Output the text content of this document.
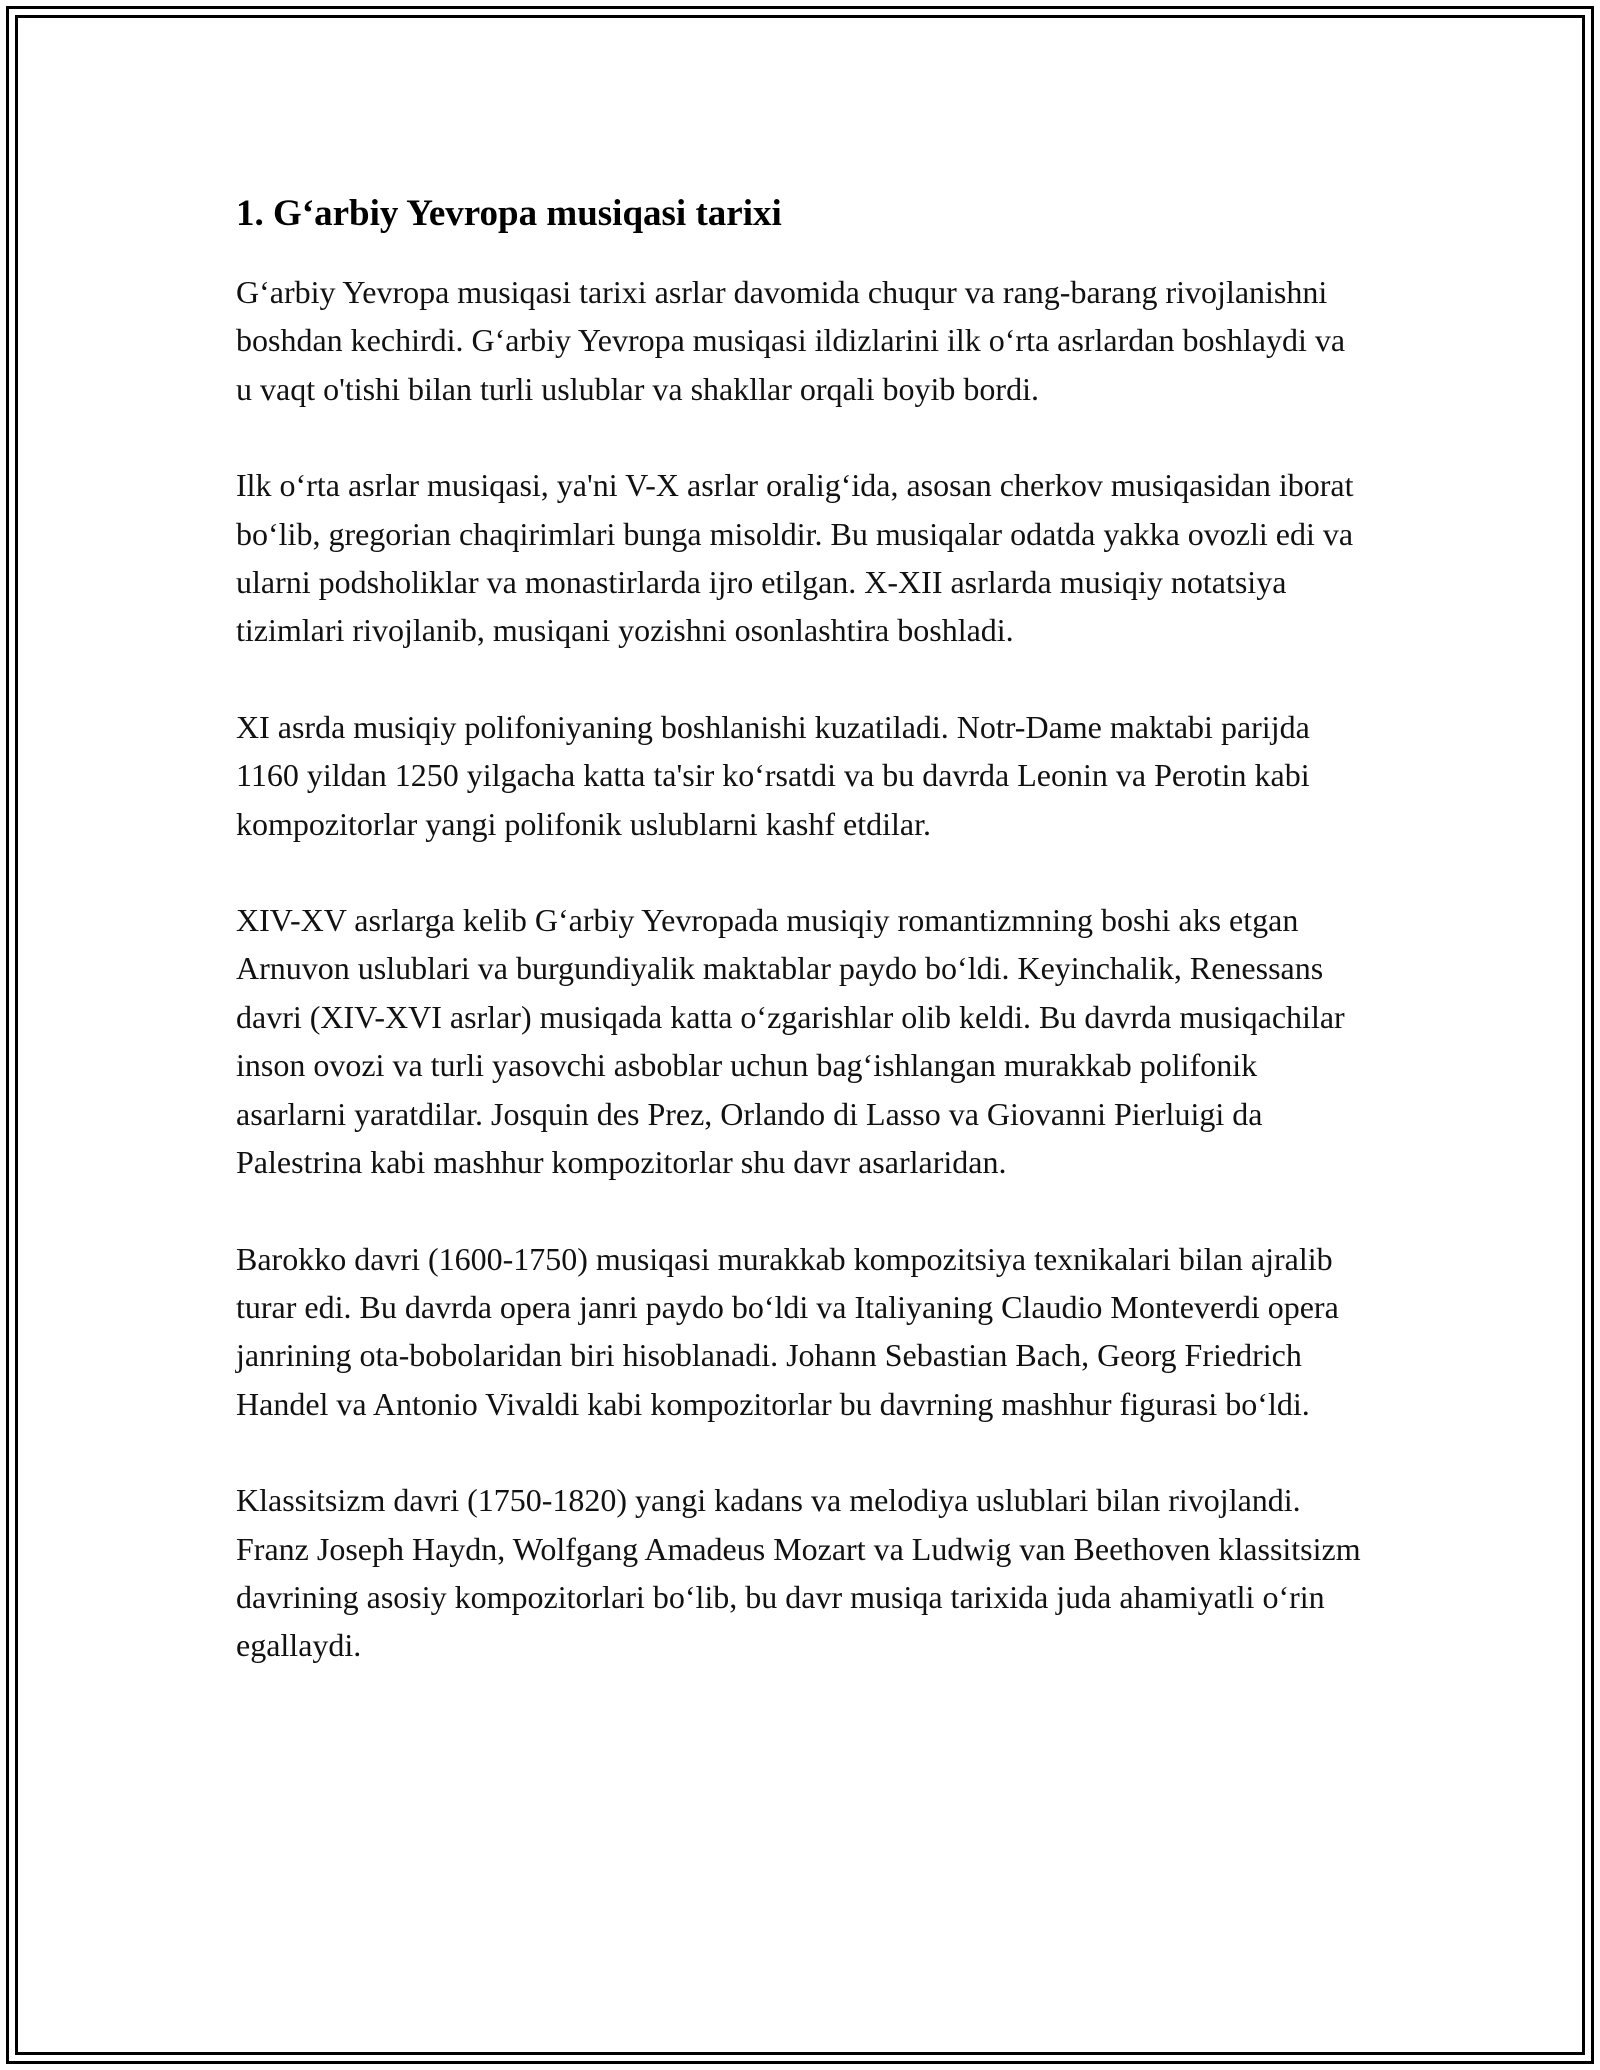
1. G‘arbiy Yevropa musiqasi tarixi

G‘arbiy Yevropa musiqasi tarixi asrlar davomida chuqur va rang-barang rivojlanishni boshdan kechirdi. G‘arbiy Yevropa musiqasi ildizlarini ilk o‘rta asrlardan boshlaydi va u vaqt o'tishi bilan turli uslublar va shakllar orqali boyib bordi.

Ilk o‘rta asrlar musiqasi, ya'ni V-X asrlar oralig‘ida, asosan cherkov musiqasidan iborat bo‘lib, gregorian chaqirimlari bunga misoldir. Bu musiqalar odatda yakka ovozli edi va ularni podsholiklar va monastirlarda ijro etilgan. X-XII asrlarda musiqiy notatsiya tizimlari rivojlanib, musiqani yozishni osonlashtira boshladi.

XI asrda musiqiy polifoniyaning boshlanishi kuzatiladi. Notr-Dame maktabi parijda 1160 yildan 1250 yilgacha katta ta'sir ko‘rsatdi va bu davrda Leonin va Perotin kabi kompozitorlar yangi polifonik uslublarni kashf etdilar.

XIV-XV asrlarga kelib G‘arbiy Yevropada musiqiy romantizmning boshi aks etgan Arnuvon uslublari va burgundiyalik maktablar paydo bo‘ldi. Keyinchalik, Renessans davri (XIV-XVI asrlar) musiqada katta o‘zgarishlar olib keldi. Bu davrda musiqachilar inson ovozi va turli yasovchi asboblar uchun bag‘ishlangan murakkab polifonik asarlarni yaratdilar. Josquin des Prez, Orlando di Lasso va Giovanni Pierluigi da Palestrina kabi mashhur kompozitorlar shu davr asarlaridan.

Barokko davri (1600-1750) musiqasi murakkab kompozitsiya texnikalari bilan ajralib turar edi. Bu davrda opera janri paydo bo‘ldi va Italiyaning Claudio Monteverdi opera janrining ota-bobolaridan biri hisoblanadi. Johann Sebastian Bach, Georg Friedrich Handel va Antonio Vivaldi kabi kompozitorlar bu davrning mashhur figurasi bo‘ldi.

Klassitsizm davri (1750-1820) yangi kadans va melodiya uslublari bilan rivojlandi. Franz Joseph Haydn, Wolfgang Amadeus Mozart va Ludwig van Beethoven klassitsizm davrining asosiy kompozitorlari bo‘lib, bu davr musiqa tarixida juda ahamiyatli o‘rin egallaydi.
